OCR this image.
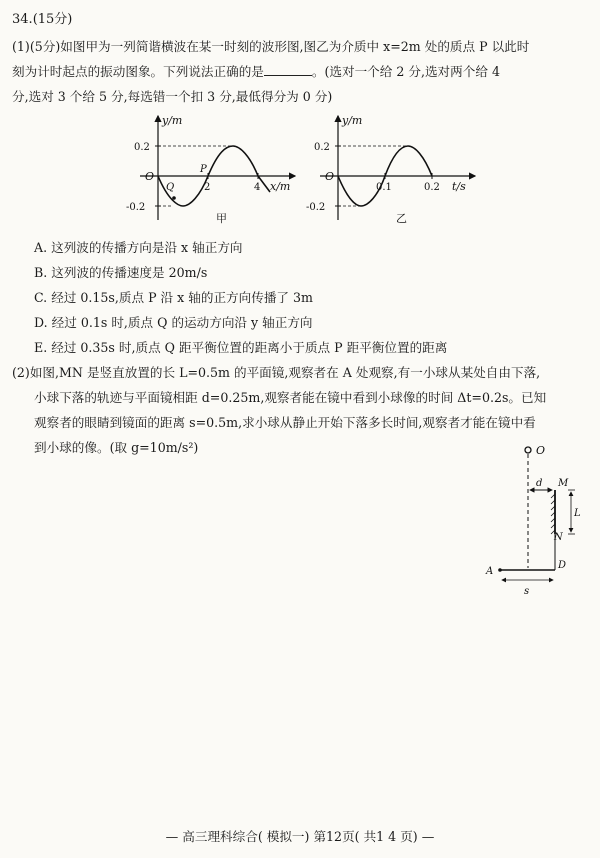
34.(15分)
(1)(5分)如图甲为一列简谐横波在某一时刻的波形图,图乙为介质中 x=2m 处的质点 P 以此时
刻为计时起点的振动图象。下列说法正确的是	。(选对一个给 2 分,选对两个给 4
分,选对 3 个给 5 分,每选错一个扣 3 分,最低得分为 0 分)
y/m
x/m
O
0.2
-0.2
2	4
P
Q
甲
y/m
t/s
O
0.2
-0.2
0.1	0.2
乙
A. 这列波的传播方向是沿 x 轴正方向
B. 这列波的传播速度是 20m/s
C. 经过 0.15s,质点 P 沿 x 轴的正方向传播了 3m
D. 经过 0.1s 时,质点 Q 的运动方向沿 y 轴正方向
E. 经过 0.35s 时,质点 Q 距平衡位置的距离小于质点 P 距平衡位置的距离
(2)如图,MN 是竖直放置的长 L=0.5m 的平面镜,观察者在 A 处观察,有一小球从某处自由下落,
小球下落的轨迹与平面镜相距 d=0.25m,观察者能在镜中看到小球像的时间 Δt=0.2s。已知
观察者的眼睛到镜面的距离 s=0.5m,求小球从静止开始下落多长时间,观察者才能在镜中看
到小球的像。(取 g=10m/s²)	O
d M
N
L
A
D
s
— 高三理科综合( 模拟一) 第12页( 共1 4 页) —
